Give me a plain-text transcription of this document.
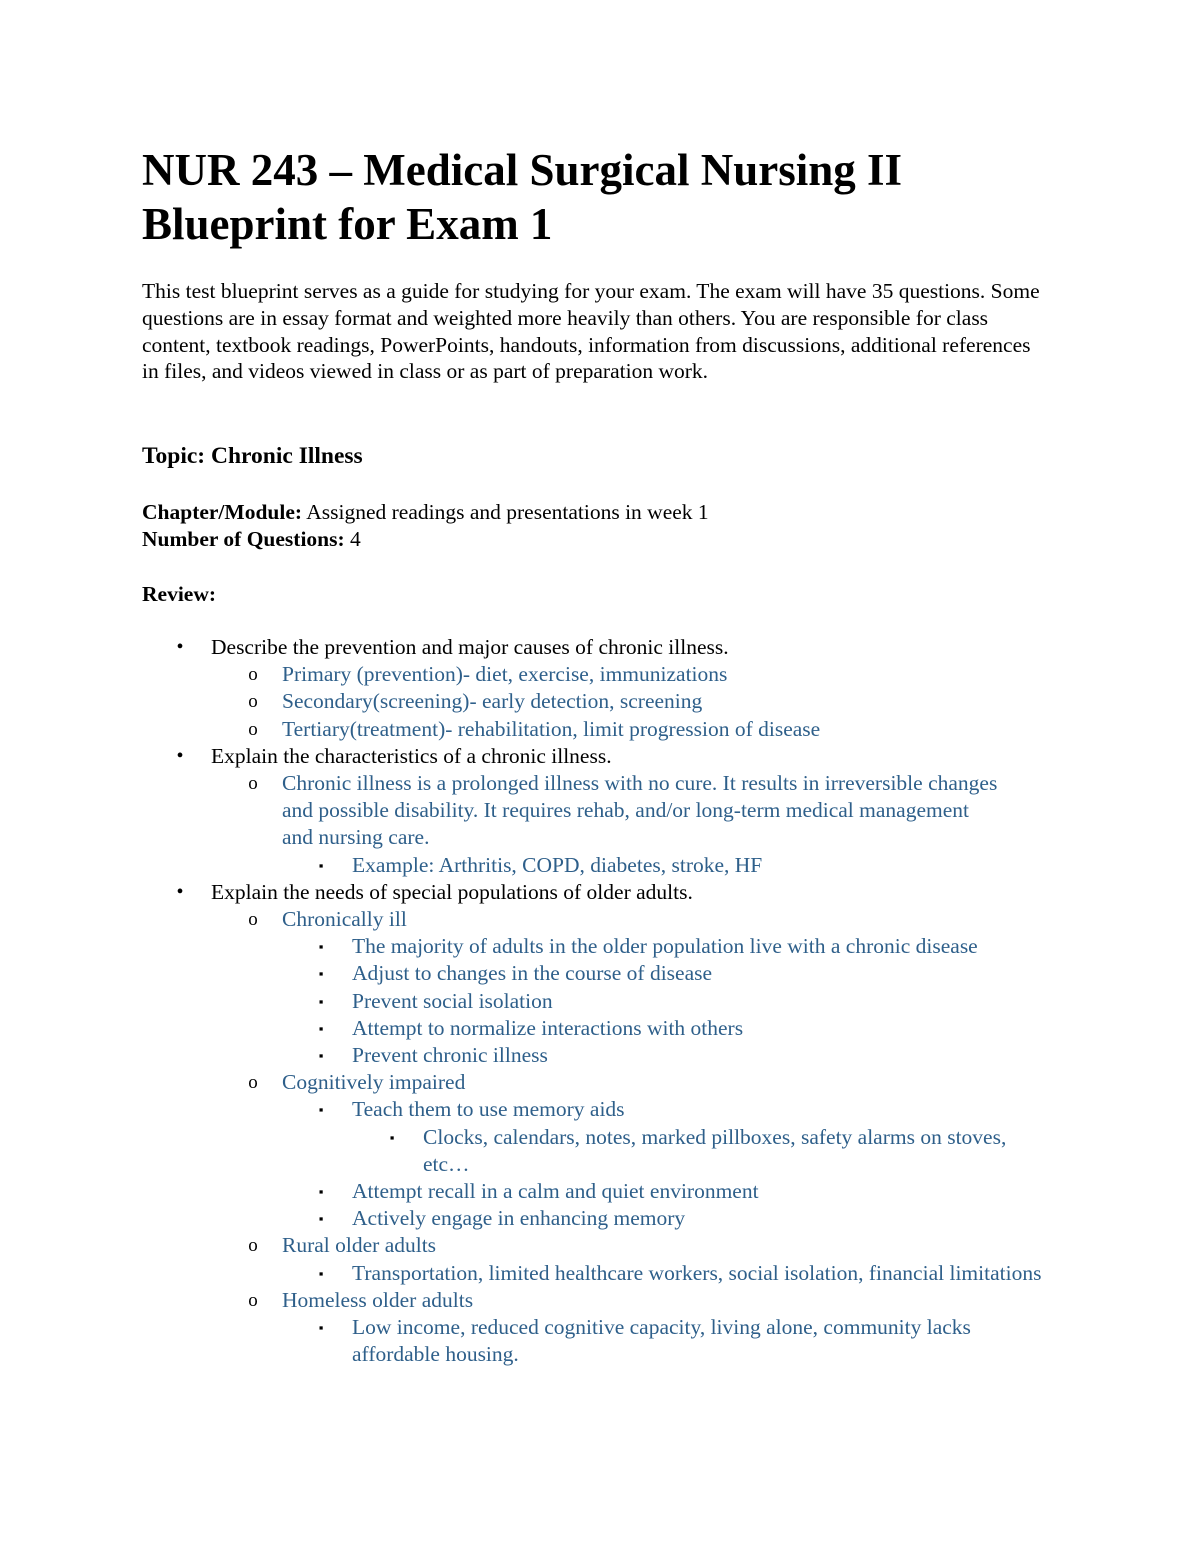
NUR 243 – Medical Surgical Nursing II
Blueprint for Exam 1

This test blueprint serves as a guide for studying for your exam. The exam will have 35 questions. Some questions are in essay format and weighted more heavily than others. You are responsible for class content, textbook readings, PowerPoints, handouts, information from discussions, additional references in files, and videos viewed in class or as part of preparation work.

Topic: Chronic Illness
Chapter/Module: Assigned readings and presentations in week 1
Number of Questions: 4
Review:
•	Describe the prevention and major causes of chronic illness.
o Primary (prevention)- diet, exercise, immunizations
o Secondary(screening)- early detection, screening
o Tertiary(treatment)- rehabilitation, limit progression of disease
•	Explain the characteristics of a chronic illness.
o Chronic illness is a prolonged illness with no cure. It results in irreversible changes and possible disability. It requires rehab, and/or long-term medical management and nursing care.
▪	Example: Arthritis, COPD, diabetes, stroke, HF
•	Explain the needs of special populations of older adults.
o Chronically ill
▪	The majority of adults in the older population live with a chronic disease
▪	Adjust to changes in the course of disease
▪	Prevent social isolation
▪	Attempt to normalize interactions with others
▪	Prevent chronic illness
o Cognitively impaired
▪	Teach them to use memory aids
▪	Clocks, calendars, notes, marked pillboxes, safety alarms on stoves, etc…
▪	Attempt recall in a calm and quiet environment
▪	Actively engage in enhancing memory
o Rural older adults
▪	Transportation, limited healthcare workers, social isolation, financial limitations
o Homeless older adults
▪	Low income, reduced cognitive capacity, living alone, community lacks affordable housing.
